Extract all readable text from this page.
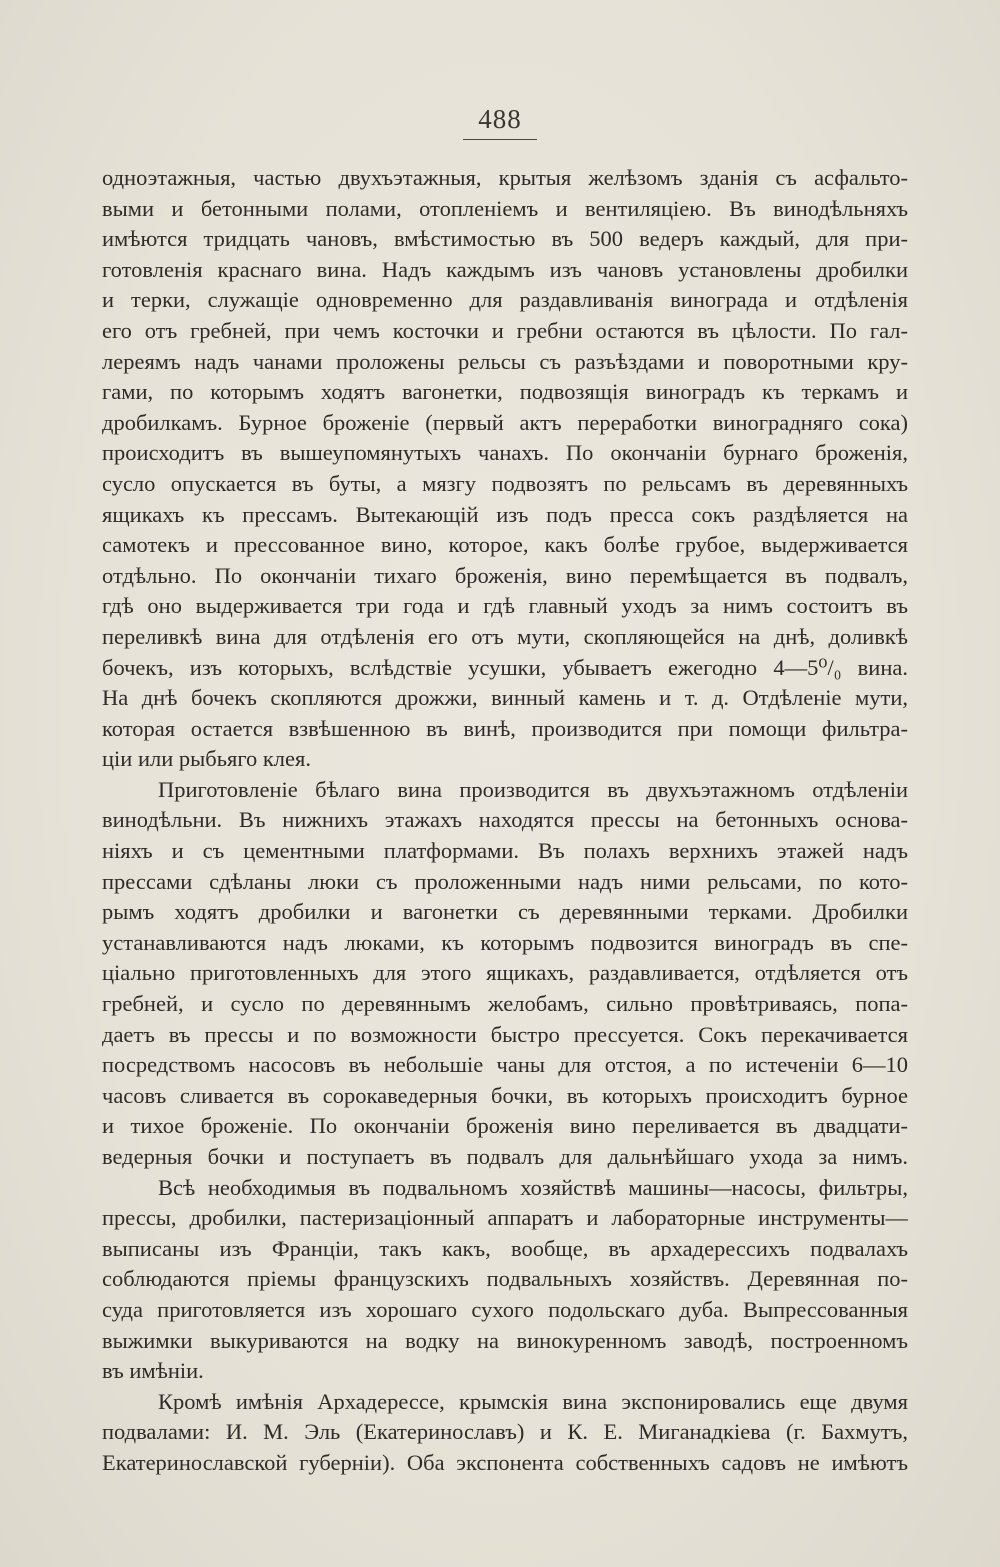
488
одноэтажныя, частью двухъэтажныя, крытыя желѣзомъ зданія съ асфальто-
выми и бетонными полами, отопленіемъ и вентиляціею. Въ винодѣльняхъ
имѣются тридцать чановъ, вмѣстимостью въ 500 ведеръ каждый, для при-
готовленія краснаго вина. Надъ каждымъ изъ чановъ установлены дробилки
и терки, служащіе одновременно для раздавливанія винограда и отдѣленія
его отъ гребней, при чемъ косточки и гребни остаются въ цѣлости. По гал-
лереямъ надъ чанами проложены рельсы съ разъѣздами и поворотными кру-
гами, по которымъ ходятъ вагонетки, подвозящія виноградъ къ теркамъ и
дробилкамъ. Бурное броженіе (первый актъ переработки виноградняго сока)
происходитъ въ вышеупомянутыхъ чанахъ. По окончаніи бурнаго броженія,
сусло опускается въ буты, а мязгу подвозятъ по рельсамъ въ деревянныхъ
ящикахъ къ прессамъ. Вытекающій изъ подъ пресса сокъ раздѣляется на
самотекъ и прессованное вино, которое, какъ болѣе грубое, выдерживается
отдѣльно. По окончаніи тихаго броженія, вино перемѣщается въ подвалъ,
гдѣ оно выдерживается три года и гдѣ главный уходъ за нимъ состоитъ въ
переливкѣ вина для отдѣленія его отъ мути, скопляющейся на днѣ, доливкѣ
бочекъ, изъ которыхъ, вслѣдствіе усушки, убываетъ ежегодно 4—5⁰/₀ вина.
На днѣ бочекъ скопляются дрожжи, винный камень и т. д. Отдѣленіе мути,
которая остается взвѣшенною въ винѣ, производится при помощи фильтра-
ціи или рыбьяго клея.
Приготовленіе бѣлаго вина производится въ двухъэтажномъ отдѣленіи
винодѣльни. Въ нижнихъ этажахъ находятся прессы на бетонныхъ основа-
ніяхъ и съ цементными платформами. Въ полахъ верхнихъ этажей надъ
прессами сдѣланы люки съ проложенными надъ ними рельсами, по кото-
рымъ ходятъ дробилки и вагонетки съ деревянными терками. Дробилки
устанавливаются надъ люками, къ которымъ подвозится виноградъ въ спе-
ціально приготовленныхъ для этого ящикахъ, раздавливается, отдѣляется отъ
гребней, и сусло по деревяннымъ желобамъ, сильно провѣтриваясь, попа-
даетъ въ прессы и по возможности быстро прессуется. Сокъ перекачивается
посредствомъ насосовъ въ небольшіе чаны для отстоя, а по истеченіи 6—10
часовъ сливается въ сорокаведерныя бочки, въ которыхъ происходитъ бурное
и тихое броженіе. По окончаніи броженія вино переливается въ двадцати-
ведерныя бочки и поступаетъ въ подвалъ для дальнѣйшаго ухода за нимъ.
Всѣ необходимыя въ подвальномъ хозяйствѣ машины—насосы, фильтры,
прессы, дробилки, пастеризаціонный аппаратъ и лабораторные инструменты—
выписаны изъ Франціи, такъ какъ, вообще, въ архадерессихъ подвалахъ
соблюдаются пріемы французскихъ подвальныхъ хозяйствъ. Деревянная по-
суда приготовляется изъ хорошаго сухого подольскаго дуба. Выпрессованныя
выжимки выкуриваются на водку на винокуренномъ заводѣ, построенномъ
въ имѣніи.
Кромѣ имѣнія Архадерессе, крымскія вина экспонировались еще двумя
подвалами: И. М. Эль (Екатеринославъ) и К. Е. Миганадкіева (г. Бахмутъ,
Екатеринославской губерніи). Оба экспонента собственныхъ садовъ не имѣютъ
